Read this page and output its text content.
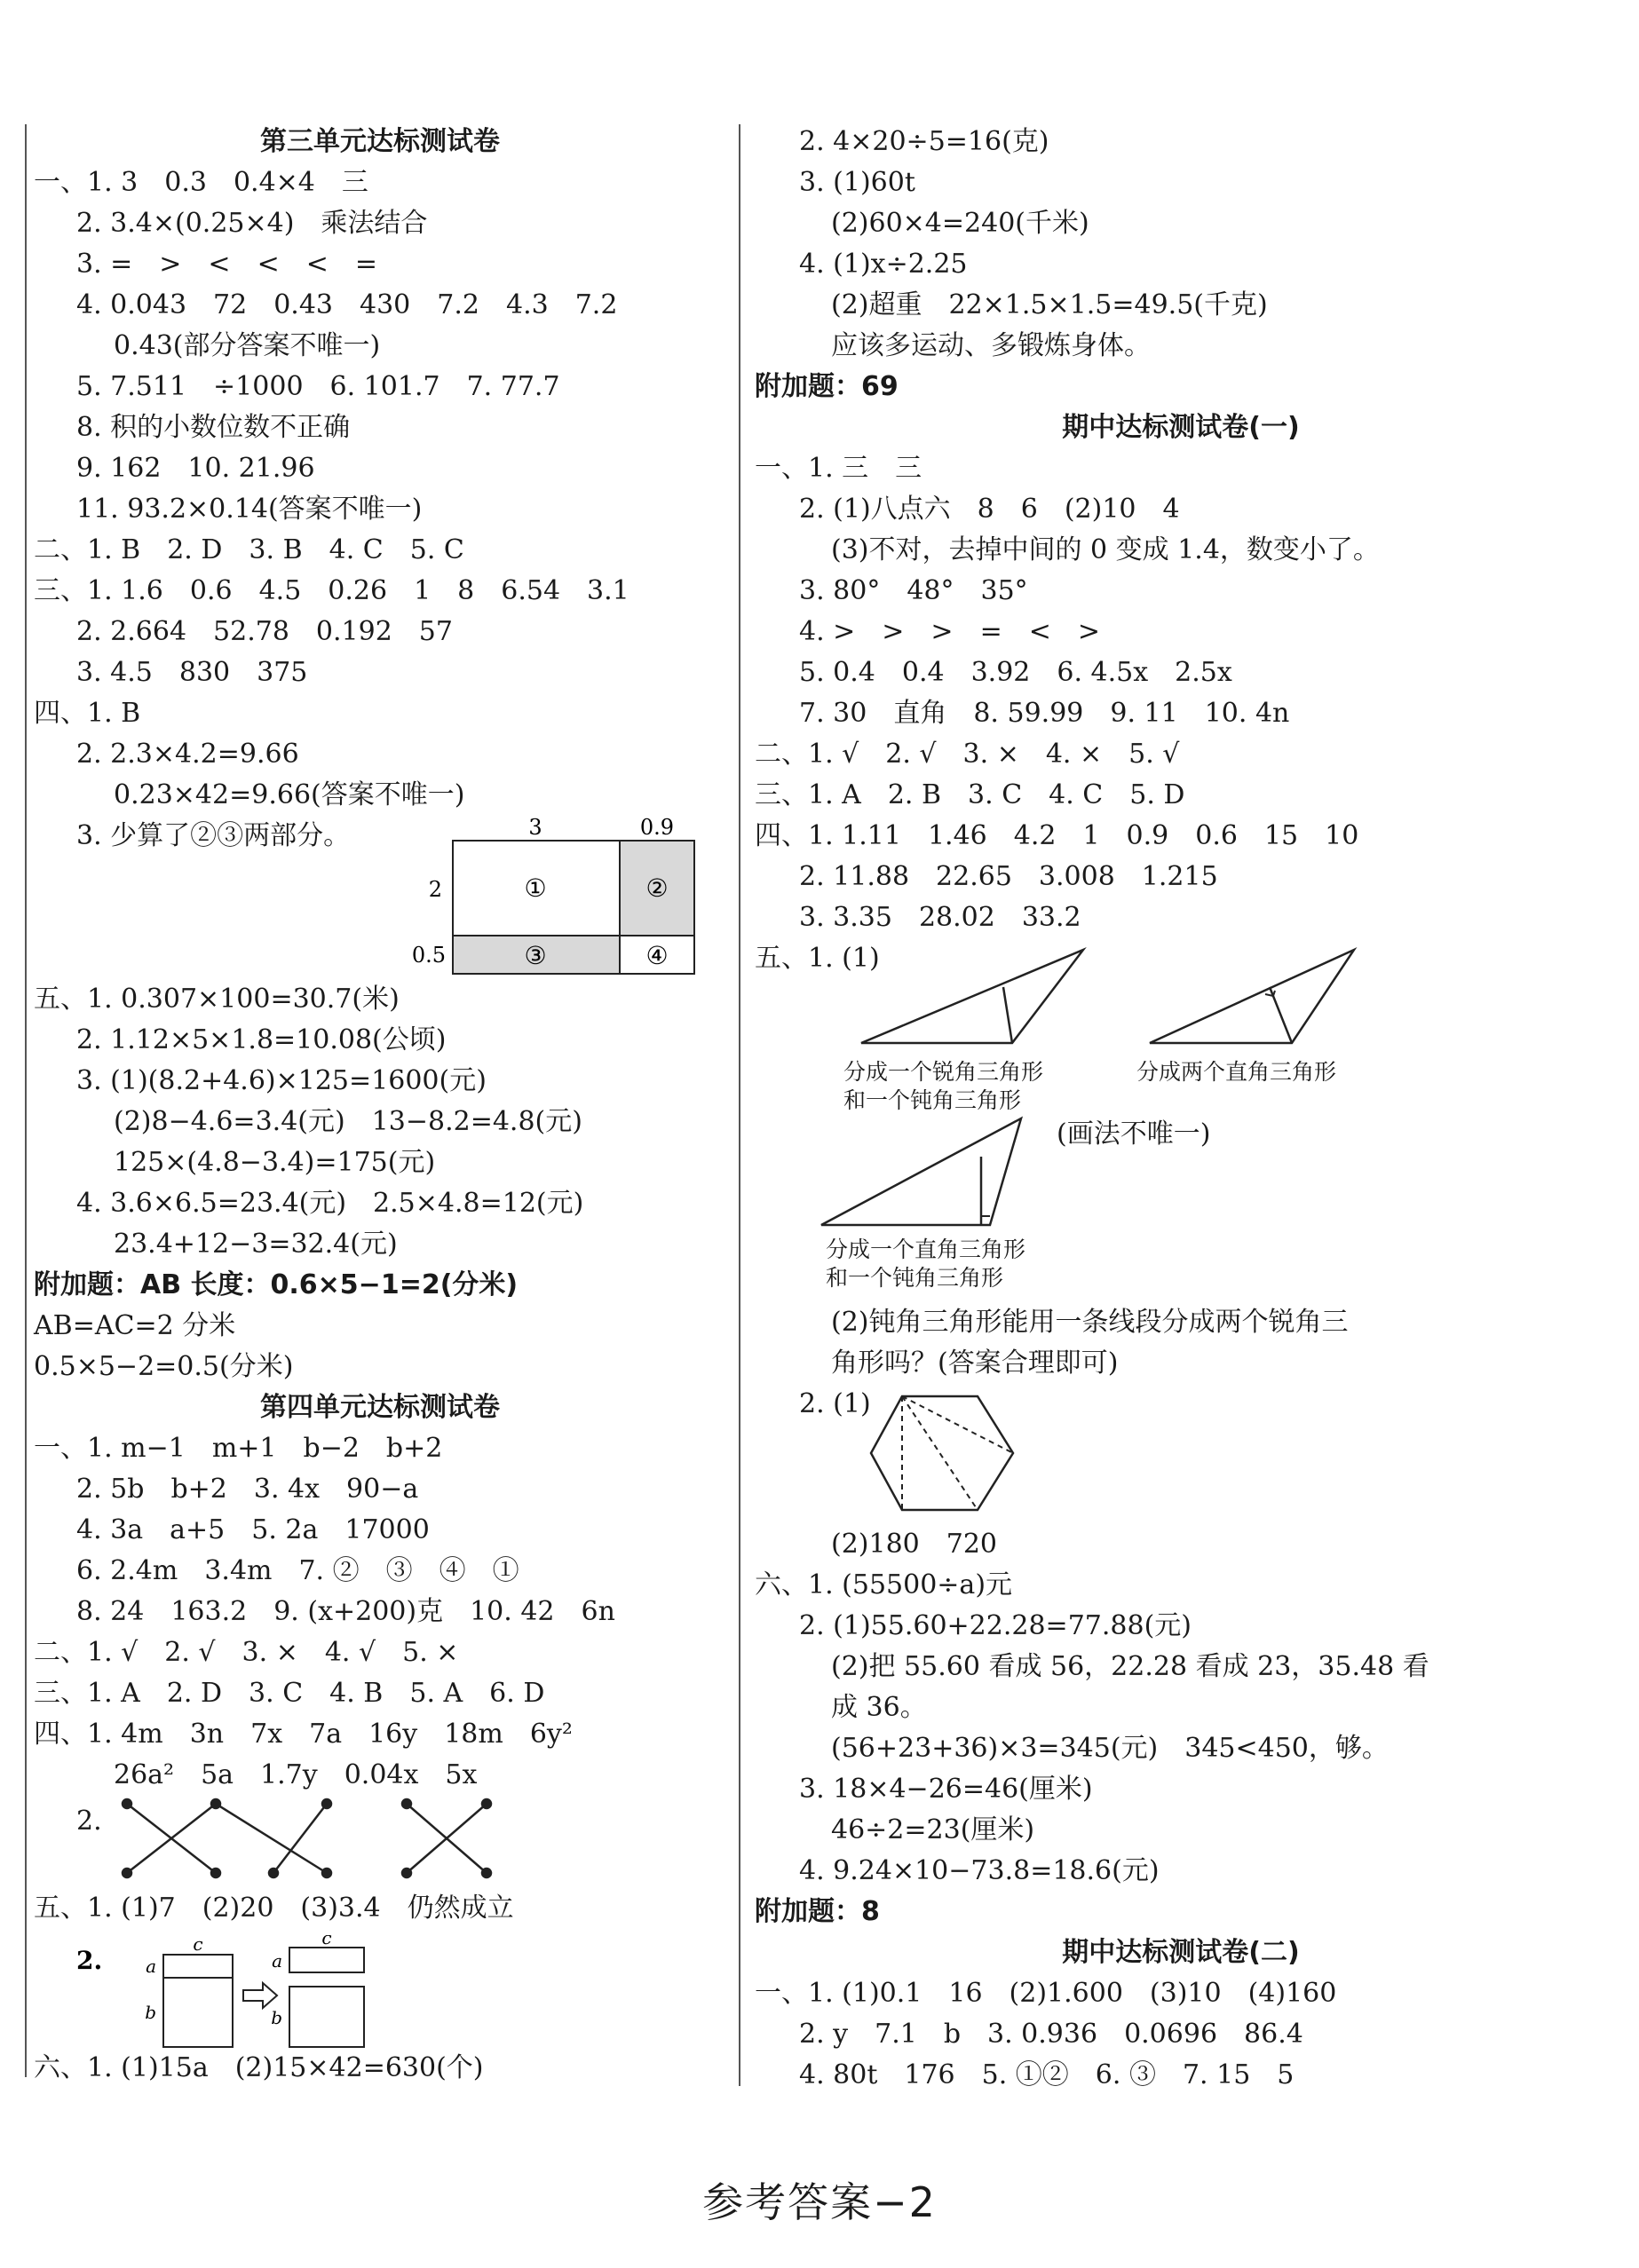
第三单元达标测试卷
一、1. 3　0.3　0.4×4　三
2. 3.4×(0.25×4)　乘法结合
3. =　>　<　<　<　=
4. 0.043　72　0.43　430　7.2　4.3　7.2
0.43(部分答案不唯一)
5. 7.511　÷1000　6. 101.7　7. 77.7
8. 积的小数位数不正确
9. 162　10. 21.96
11. 93.2×0.14(答案不唯一)
二、1. B　2. D　3. B　4. C　5. C
三、1. 1.6　0.6　4.5　0.26　1　8　6.54　3.1
2. 2.664　52.78　0.192　57
3. 4.5　830　375
四、1. B
2. 2.3×4.2=9.66
0.23×42=9.66(答案不唯一)
3. 少算了②③两部分。	3	0.9
2
0.5
①	②
③	④
五、1. 0.307×100=30.7(米)
2. 1.12×5×1.8=10.08(公顷)
3. (1)(8.2+4.6)×125=1600(元)
(2)8−4.6=3.4(元)　13−8.2=4.8(元)
125×(4.8−3.4)=175(元)
4. 3.6×6.5=23.4(元)　2.5×4.8=12(元)
23.4+12−3=32.4(元)
附加题：AB 长度：0.6×5−1=2(分米)
AB=AC=2 分米
0.5×5−2=0.5(分米)
第四单元达标测试卷
一、1. m−1　m+1　b−2　b+2
2. 5b　b+2　3. 4x　90−a
4. 3a　a+5　5. 2a　17000
6. 2.4m　3.4m　7. ②　③　④　①
8. 24　163.2　9. (x+200)克　10. 42　6n
二、1. √　2. √　3. ×　4. √　5. ×
三、1. A　2. D　3. C　4. B　5. A　6. D
四、1. 4m　3n　7x　7a　16y　18m　6y²
26a²　5a　1.7y　0.04x　5x
2.
五、1. (1)7　(2)20　(3)3.4　仍然成立
2.
c
a
b
c
a
b
六、1. (1)15a　(2)15×42=630(个)
2. 4×20÷5=16(克)
3. (1)60t
(2)60×4=240(千米)
4. (1)x÷2.25
(2)超重　22×1.5×1.5=49.5(千克)
应该多运动、多锻炼身体。
附加题：69
期中达标测试卷(一)
一、1. 三　三
2. (1)八点六　8　6　(2)10　4
(3)不对，去掉中间的 0 变成 1.4，数变小了。
3. 80°　48°　35°
4. >　>　>　=　<　>
5. 0.4　0.4　3.92　6. 4.5x　2.5x
7. 30　直角　8. 59.99　9. 11　10. 4n
二、1. √　2. √　3. ×　4. ×　5. √
三、1. A　2. B　3. C　4. C　5. D
四、1. 1.11　1.46　4.2　1　0.9　0.6　15　10
2. 11.88　22.65　3.008　1.215
3. 3.35　28.02　33.2
五、1. (1)
分成一个锐角三角形
和一个钝角三角形
分成两个直角三角形
(画法不唯一)
分成一个直角三角形
和一个钝角三角形
(2)钝角三角形能用一条线段分成两个锐角三
角形吗？(答案合理即可)
2. (1)
(2)180　720
六、1. (55500÷a)元
2. (1)55.60+22.28=77.88(元)
(2)把 55.60 看成 56，22.28 看成 23，35.48 看
成 36。
(56+23+36)×3=345(元)　345<450，够。
3. 18×4−26=46(厘米)
46÷2=23(厘米)
4. 9.24×10−73.8=18.6(元)
附加题：8
期中达标测试卷(二)
一、1. (1)0.1　16　(2)1.600　(3)10　(4)160
2. y　7.1　b　3. 0.936　0.0696　86.4
4. 80t　176　5. ①②　6. ③　7. 15　5
参考答案−2
